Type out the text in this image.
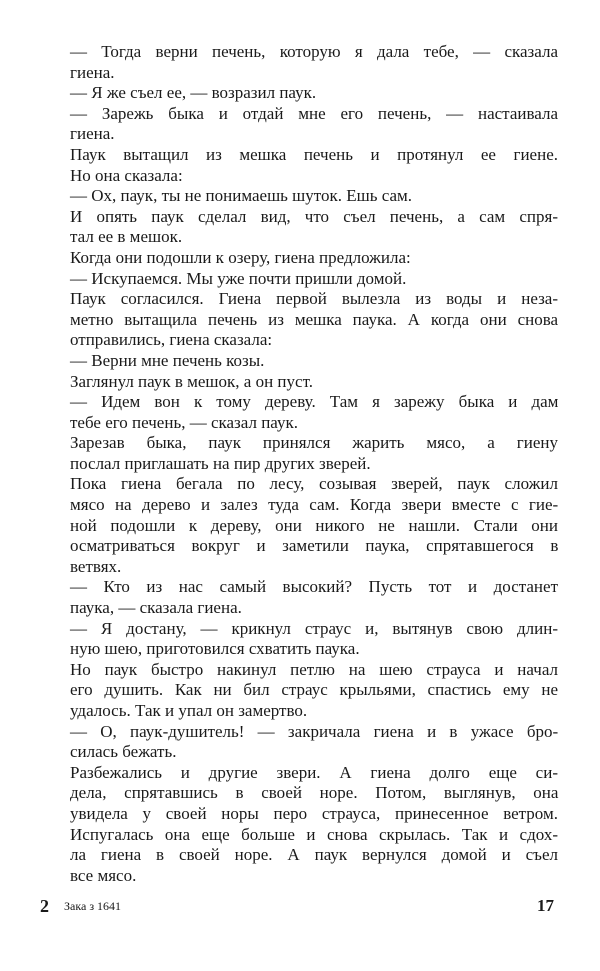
— Тогда верни печень, которую я дала тебе, — сказала
гиена.
— Я же съел ее, — возразил паук.
— Зарежь быка и отдай мне его печень, — настаивала
гиена.
Паук вытащил из мешка печень и протянул ее гиене.
Но она сказала:
— Ох, паук, ты не понимаешь шуток. Ешь сам.
И опять паук сделал вид, что съел печень, а сам спря-
тал ее в мешок.
Когда они подошли к озеру, гиена предложила:
— Искупаемся. Мы уже почти пришли домой.
Паук согласился. Гиена первой вылезла из воды и неза-
метно вытащила печень из мешка паука. А когда они снова
отправились, гиена сказала:
— Верни мне печень козы.
Заглянул паук в мешок, а он пуст.
— Идем вон к тому дереву. Там я зарежу быка и дам
тебе его печень, — сказал паук.
Зарезав быка, паук принялся жарить мясо, а гиену
послал приглашать на пир других зверей.
Пока гиена бегала по лесу, созывая зверей, паук сложил
мясо на дерево и залез туда сам. Когда звери вместе с гие-
ной подошли к дереву, они никого не нашли. Стали они
осматриваться вокруг и заметили паука, спрятавшегося в
ветвях.
— Кто из нас самый высокий? Пусть тот и достанет
паука, — сказала гиена.
— Я достану, — крикнул страус и, вытянув свою длин-
ную шею, приготовился схватить паука.
Но паук быстро накинул петлю на шею страуса и начал
его душить. Как ни бил страус крыльями, спастись ему не
удалось. Так и упал он замертво.
— О, паук-душитель! — закричала гиена и в ужасе бро-
силась бежать.
Разбежались и другие звери. А гиена долго еще си-
дела, спрятавшись в своей норе. Потом, выглянув, она
увидела у своей норы перо страуса, принесенное ветром.
Испугалась она еще больше и снова скрылась. Так и сдох-
ла гиена в своей норе. А паук вернулся домой и съел
все мясо.
2 Зака з 1641	17
